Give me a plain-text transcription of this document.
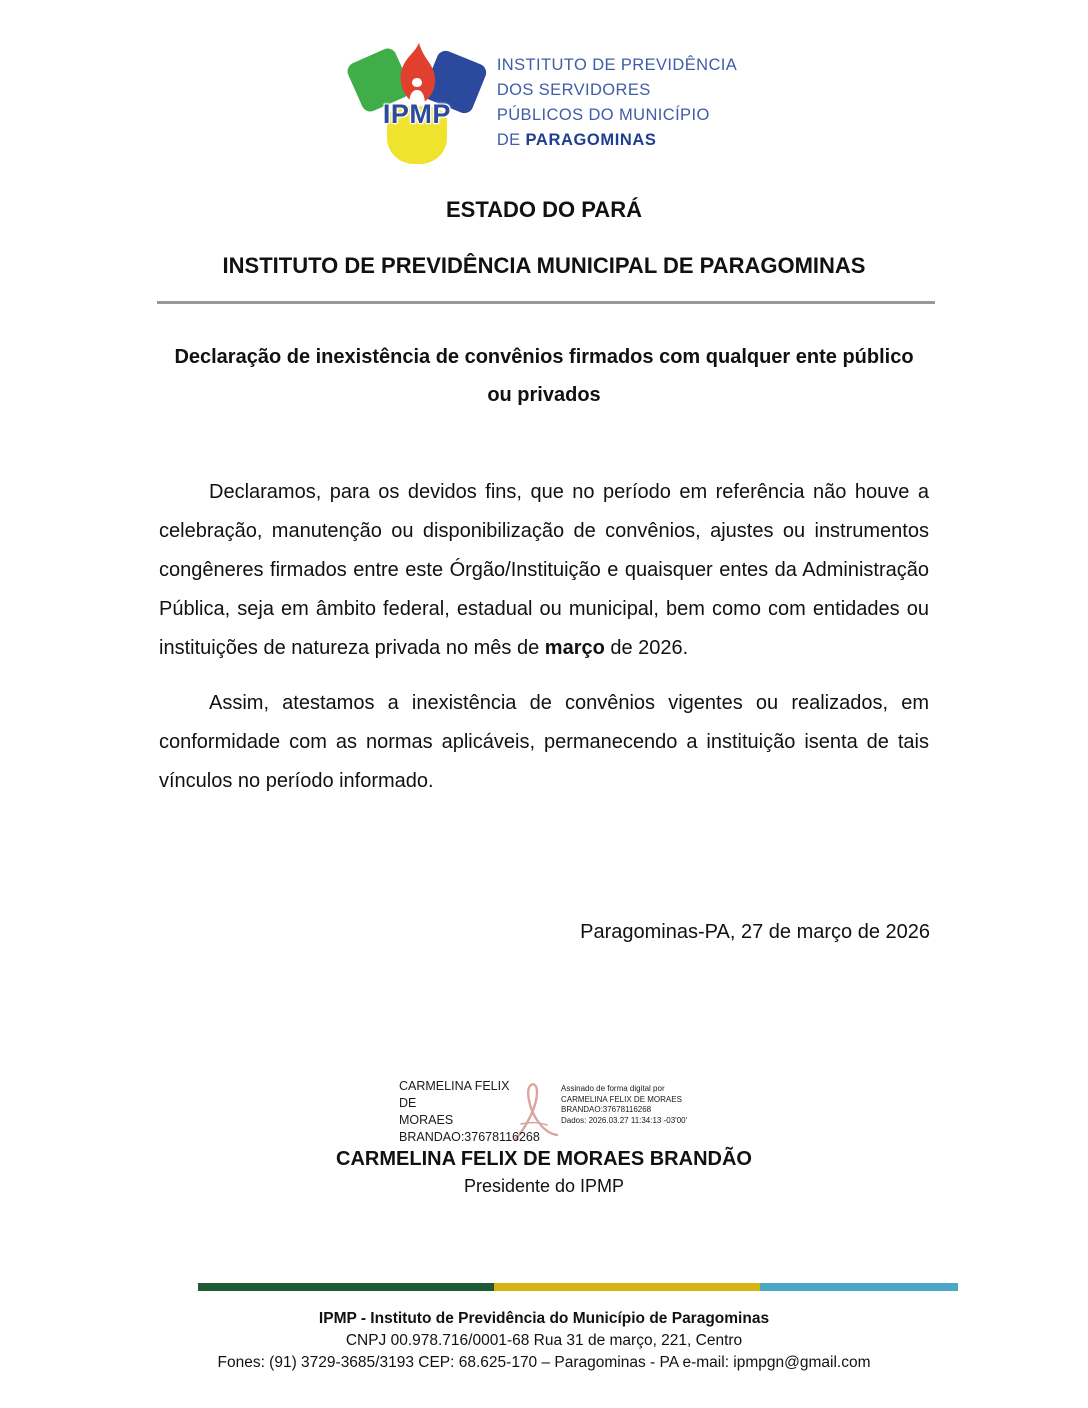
IPMP
INSTITUTO DE PREVIDÊNCIA
DOS SERVIDORES
PÚBLICOS DO MUNICÍPIO
DE PARAGOMINAS
ESTADO DO PARÁ
INSTITUTO DE PREVIDÊNCIA MUNICIPAL DE PARAGOMINAS
Declaração de inexistência de convênios firmados com qualquer ente público ou privados

Declaramos, para os devidos fins, que no período em referência não houve a celebração, manutenção ou disponibilização de convênios, ajustes ou instrumentos congêneres firmados entre este Órgão/Instituição e quaisquer entes da Administração Pública, seja em âmbito federal, estadual ou municipal, bem como com entidades ou instituições de natureza privada no mês de março de 2026.

Assim, atestamos a inexistência de convênios vigentes ou realizados, em conformidade com as normas aplicáveis, permanecendo a instituição isenta de tais vínculos no período informado.

Paragominas-PA, 27 de março de 2026
CARMELINA FELIX DE
MORAES
BRANDAO:37678116268
Assinado de forma digital por
CARMELINA FELIX DE MORAES
BRANDAO:37678116268
Dados: 2026.03.27 11:34:13 -03'00'
CARMELINA FELIX DE MORAES BRANDÃO
Presidente do IPMP
IPMP - Instituto de Previdência do Município de Paragominas
CNPJ 00.978.716/0001-68 Rua 31 de março, 221, Centro
Fones: (91) 3729-3685/3193 CEP: 68.625-170 – Paragominas - PA e-mail: ipmpgn@gmail.com
